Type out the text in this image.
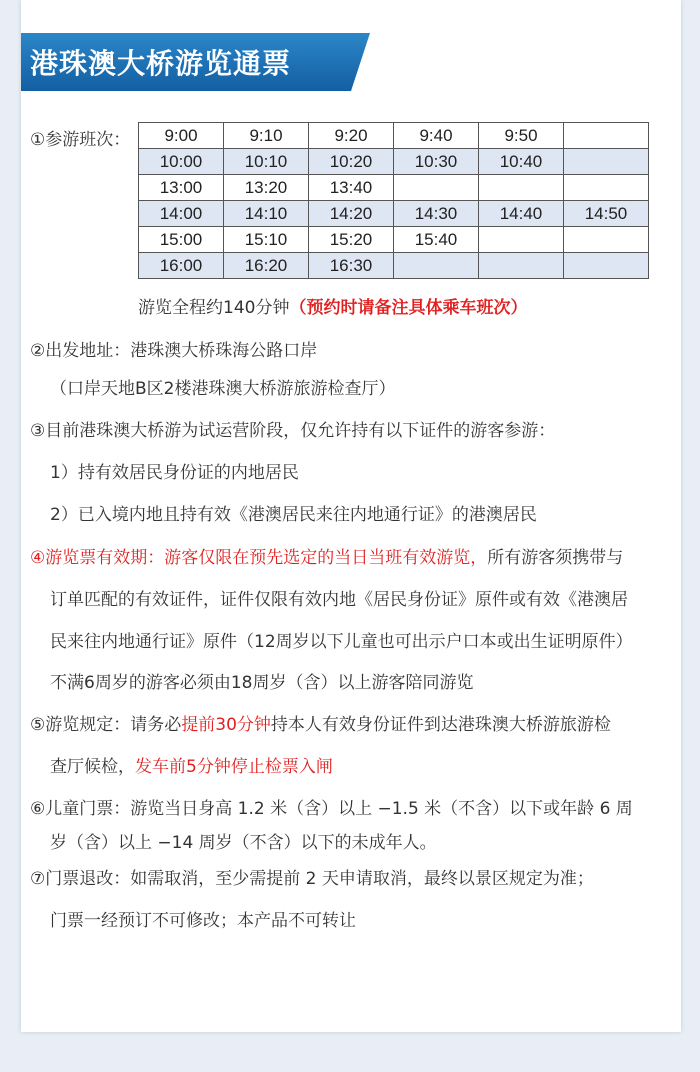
港珠澳大桥游览通票
①参游班次： 9:00	9:10	9:20	9:40	9:50	
10:00	10:10	10:20	10:30	10:40	
13:00	13:20	13:40			
14:00	14:10	14:20	14:30	14:40	14:50
15:00	15:10	15:20	15:40		
16:00	16:20	16:30			
游览全程约140分钟（预约时请备注具体乘车班次）
②出发地址：港珠澳大桥珠海公路口岸
（口岸天地B区2楼港珠澳大桥游旅游检查厅）
③目前港珠澳大桥游为试运营阶段，仅允许持有以下证件的游客参游：
1）持有效居民身份证的内地居民
2）已入境内地且持有效《港澳居民来往内地通行证》的港澳居民
④游览票有效期：游客仅限在预先选定的当日当班有效游览，所有游客须携带与
订单匹配的有效证件，证件仅限有效内地《居民身份证》原件或有效《港澳居
民来往内地通行证》原件（12周岁以下儿童也可出示户口本或出生证明原件）
不满6周岁的游客必须由18周岁（含）以上游客陪同游览
⑤游览规定：请务必提前30分钟持本人有效身份证件到达港珠澳大桥游旅游检
查厅候检，发车前5分钟停止检票入闸
⑥儿童门票：游览当日身高 1.2 米（含）以上 −1.5 米（不含）以下或年龄 6 周
岁（含）以上 −14 周岁（不含）以下的未成年人。
⑦门票退改：如需取消，至少需提前 2 天申请取消，最终以景区规定为准；
门票一经预订不可修改；本产品不可转让
